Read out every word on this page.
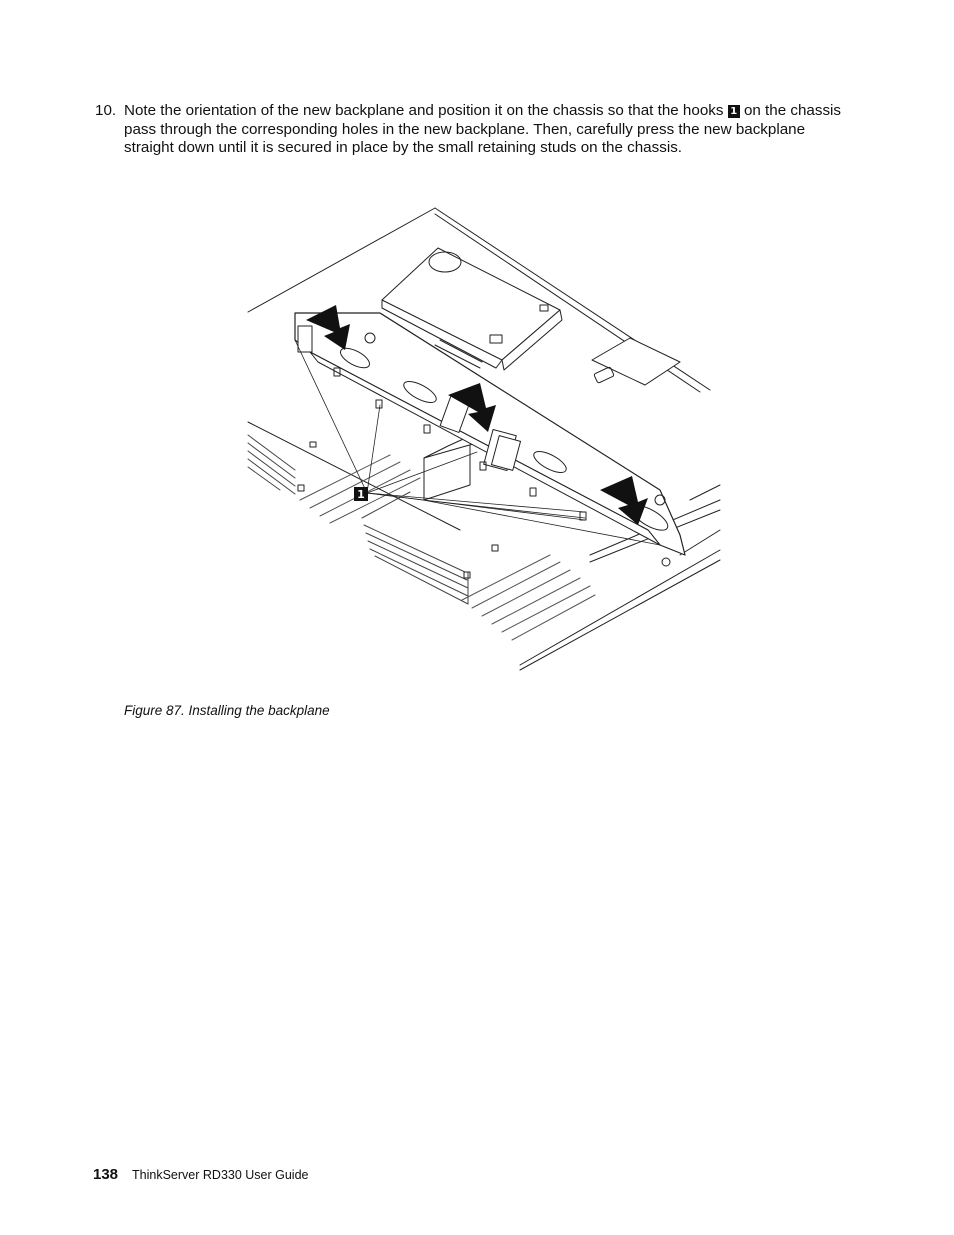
10. Note the orientation of the new backplane and position it on the chassis so that the hooks 1 on the chassis pass through the corresponding holes in the new backplane. Then, carefully press the new backplane straight down until it is secured in place by the small retaining studs on the chassis.
1
Figure 87. Installing the backplane
138 ThinkServer RD330 User Guide
